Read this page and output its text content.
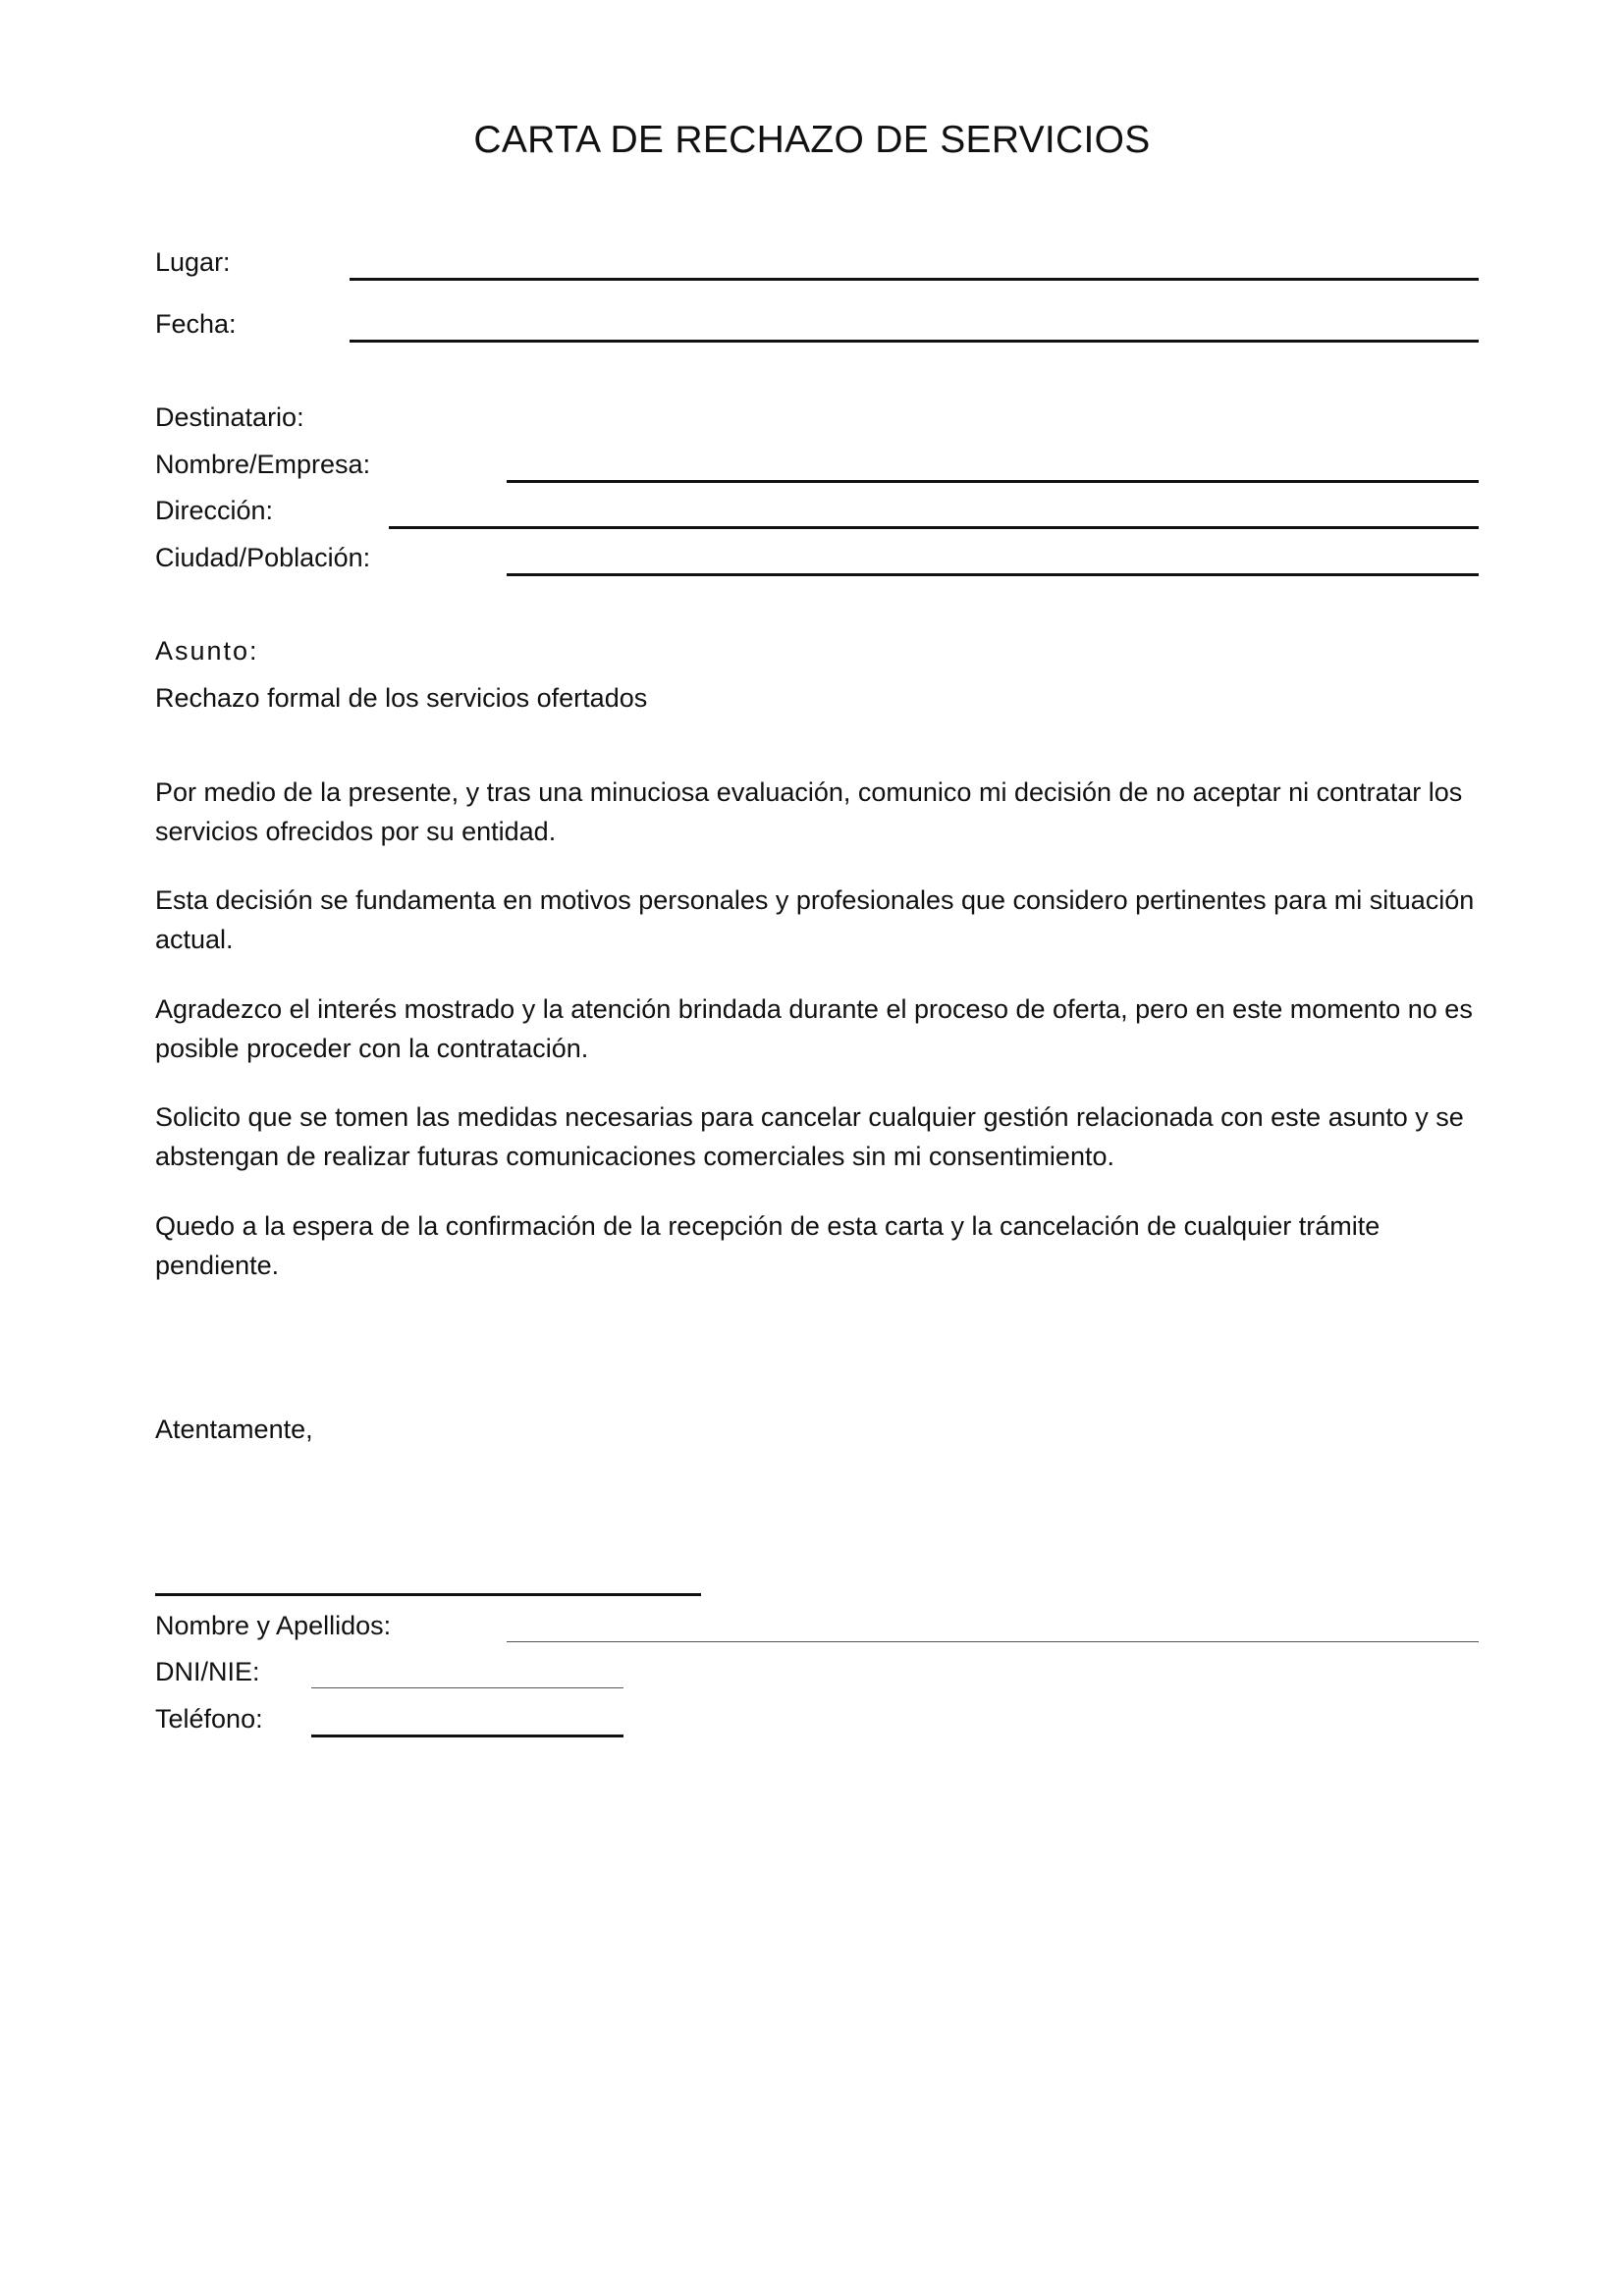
CARTA DE RECHAZO DE SERVICIOS
Lugar:
Fecha:
Destinatario:
Nombre/Empresa:
Dirección:
Ciudad/Población:
Asunto:
Rechazo formal de los servicios ofertados
Por medio de la presente, y tras una minuciosa evaluación, comunico mi decisión de no aceptar ni contratar los servicios ofrecidos por su entidad.
Esta decisión se fundamenta en motivos personales y profesionales que considero pertinentes para mi situación actual.
Agradezco el interés mostrado y la atención brindada durante el proceso de oferta, pero en este momento no es posible proceder con la contratación.
Solicito que se tomen las medidas necesarias para cancelar cualquier gestión relacionada con este asunto y se abstengan de realizar futuras comunicaciones comerciales sin mi consentimiento.
Quedo a la espera de la confirmación de la recepción de esta carta y la cancelación de cualquier trámite pendiente.
Atentamente,
Nombre y Apellidos:
DNI/NIE:
Teléfono:
